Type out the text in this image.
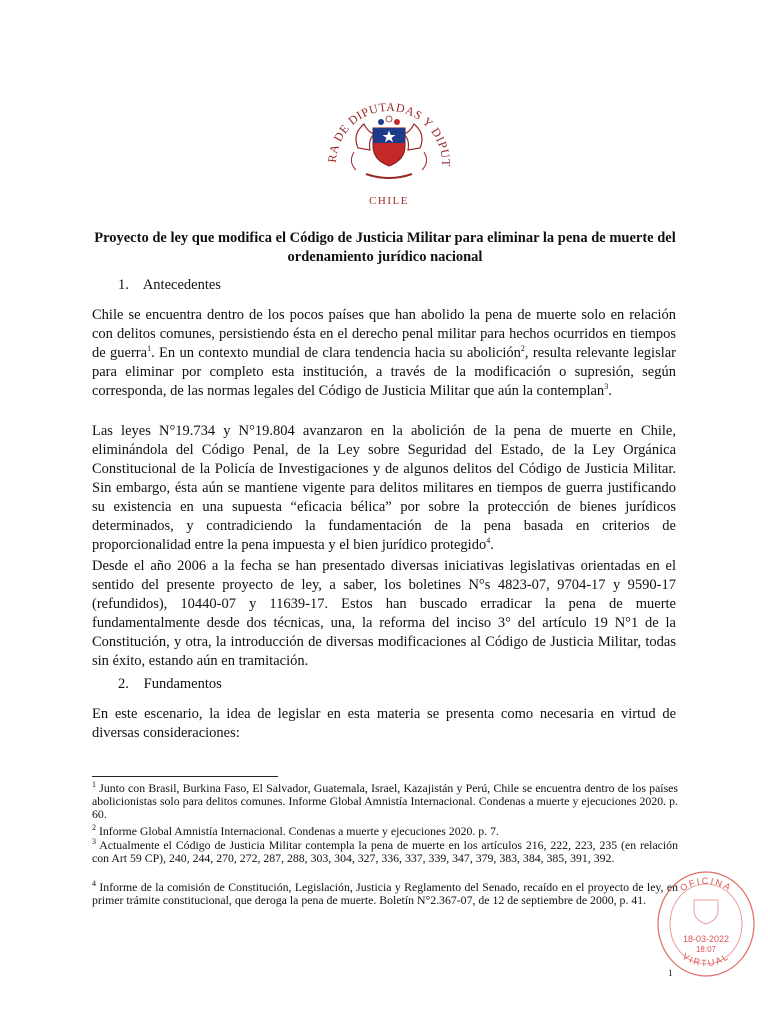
RA DE DIPUTADAS Y DIPUT
CHILE
Proyecto de ley que modifica el Código de Justicia Militar para eliminar la pena de muerte del ordenamiento jurídico nacional
1. Antecedentes
Chile se encuentra dentro de los pocos países que han abolido la pena de muerte solo en relación con delitos comunes, persistiendo ésta en el derecho penal militar para hechos ocurridos en tiempos de guerra$^1$. En un contexto mundial de clara tendencia hacia su abolición$^2$, resulta relevante legislar para eliminar por completo esta institución, a través de la modificación o supresión, según corresponda, de las normas legales del Código de Justicia Militar que aún la contemplan$^3$.
Las leyes N°19.734 y N°19.804 avanzaron en la abolición de la pena de muerte en Chile, eliminándola del Código Penal, de la Ley sobre Seguridad del Estado, de la Ley Orgánica Constitucional de la Policía de Investigaciones y de algunos delitos del Código de Justicia Militar. Sin embargo, ésta aún se mantiene vigente para delitos militares en tiempos de guerra justificando su existencia en una supuesta “eficacia bélica” por sobre la protección de bienes jurídicos determinados, y contradiciendo la fundamentación de la pena basada en criterios de proporcionalidad entre la pena impuesta y el bien jurídico protegido$^4$.
Desde el año 2006 a la fecha se han presentado diversas iniciativas legislativas orientadas en el sentido del presente proyecto de ley, a saber, los boletines N°s 4823-07, 9704-17 y 9590-17 (refundidos), 10440-07 y 11639-17. Estos han buscado erradicar la pena de muerte fundamentalmente desde dos técnicas, una, la reforma del inciso 3° del artículo 19 N°1 de la Constitución, y otra, la introducción de diversas modificaciones al Código de Justicia Militar, todas sin éxito, estando aún en tramitación.
2. Fundamentos
En este escenario, la idea de legislar en esta materia se presenta como necesaria en virtud de diversas consideraciones:
$^1$ Junto con Brasil, Burkina Faso, El Salvador, Guatemala, Israel, Kazajistán y Perú, Chile se encuentra dentro de los países abolicionistas solo para delitos comunes. Informe Global Amnistía Internacional. Condenas a muerte y ejecuciones 2020. p. 60.
$^2$ Informe Global Amnistía Internacional. Condenas a muerte y ejecuciones 2020. p. 7.
$^3$ Actualmente el Código de Justicia Militar contempla la pena de muerte en los artículos 216, 222, 223, 235 (en relación con Art 59 CP), 240, 244, 270, 272, 287, 288, 303, 304, 327, 336, 337, 339, 347, 379, 383, 384, 385, 391, 392.
$^4$ Informe de la comisión de Constitución, Legislación, Justicia y Reglamento del Senado, recaído en el proyecto de ley, en primer trámite constitucional, que deroga la pena de muerte. Boletín N°2.367-07, de 12 de septiembre de 2000, p. 41.
OFICINA
VIRTUAL
18-03-2022
18:07
1
